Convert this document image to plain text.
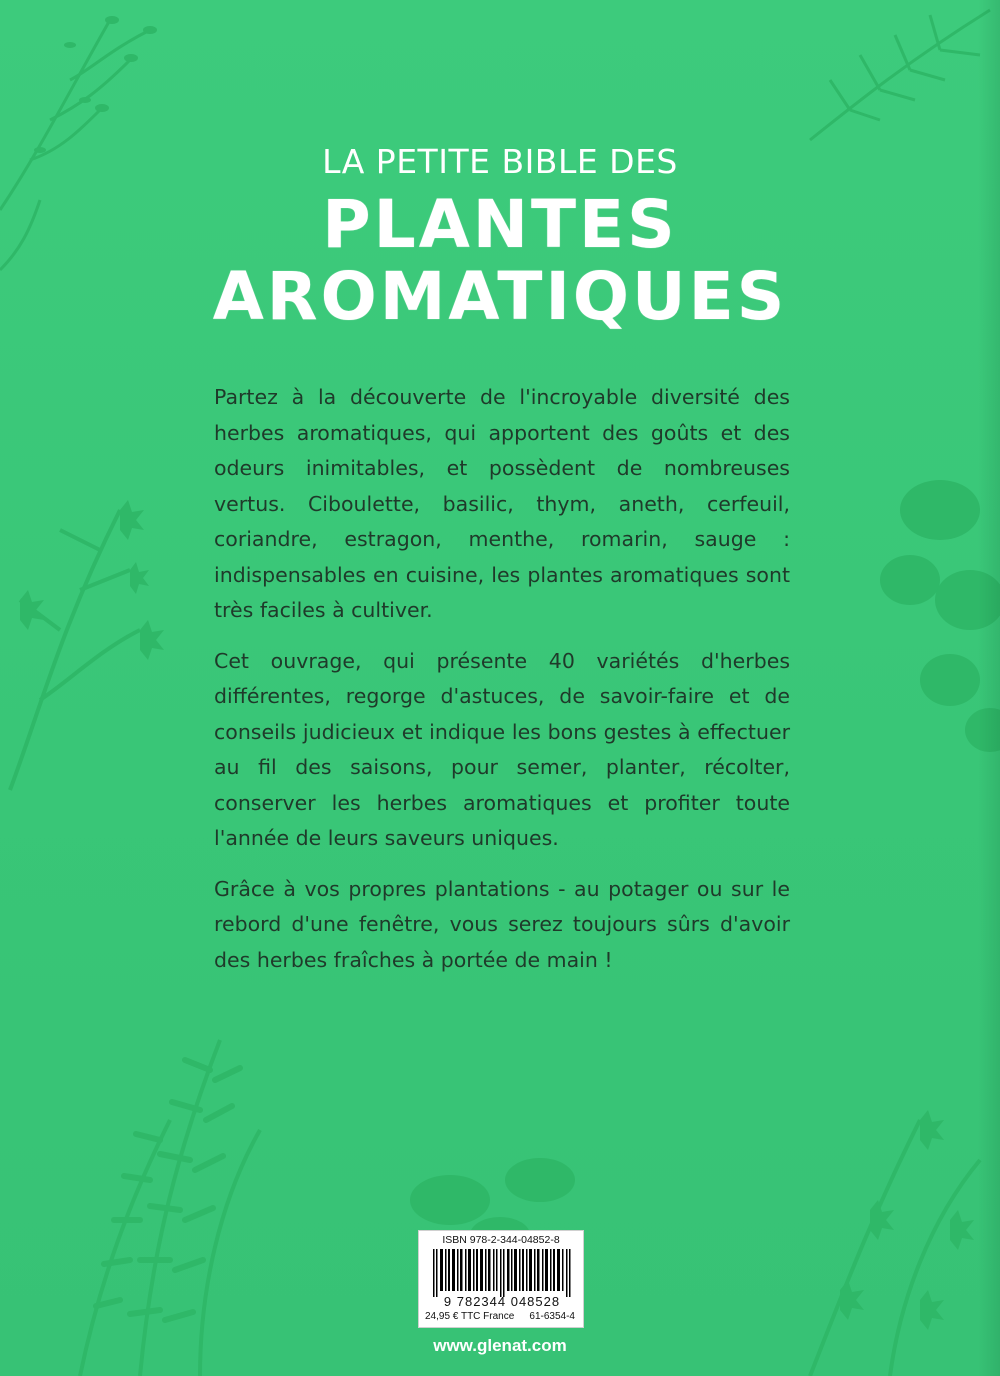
LA PETITE BIBLE DES
PLANTES
AROMATIQUES

Partez à la découverte de l'incroyable diversité des herbes aromatiques, qui apportent des goûts et des odeurs inimitables, et possèdent de nombreuses vertus. Ciboulette, basilic, thym, aneth, cerfeuil, coriandre, estragon, menthe, romarin, sauge : indispensables en cuisine, les plantes aromatiques sont très faciles à cultiver.

Cet ouvrage, qui présente 40 variétés d'herbes différentes, regorge d'astuces, de savoir-faire et de conseils judicieux et indique les bons gestes à effectuer au fil des saisons, pour semer, planter, récolter, conserver les herbes aromatiques et profiter toute l'année de leurs saveurs uniques.

Grâce à vos propres plantations - au potager ou sur le rebord d'une fenêtre, vous serez toujours sûrs d'avoir des herbes fraîches à portée de main !

ISBN 978-2-344-04852-8
9 782344 048528
24,95 € TTC France 61-6354-4
www.glenat.com
